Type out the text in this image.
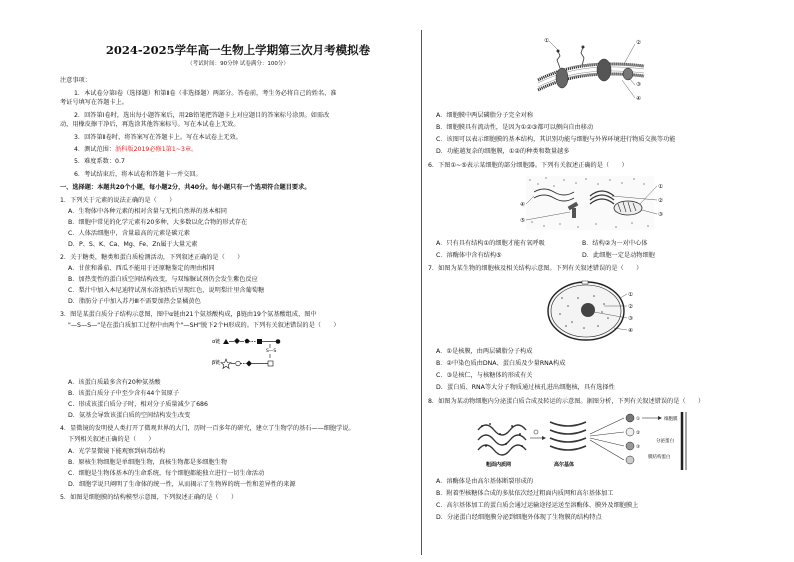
2024-2025学年高一生物上学期第三次月考模拟卷
（考试时间：90分钟 试卷满分：100分）
注意事项：
1．本试卷分第Ⅰ卷（选择题）和第Ⅱ卷（非选择题）两部分。答卷前，考生务必将自己的姓名、准
考证号填写在答题卡上。
2．回答第Ⅰ卷时，选出每小题答案后，用2B铅笔把答题卡上对应题目的答案标号涂黑。如需改
动，用橡皮擦干净后，再选涂其他答案标号。写在本试卷上无效。
3．回答第Ⅱ卷时，将答案写在答题卡上。写在本试卷上无效。
4．测试范围：浙科版2019必修1第1~3章。
5．难度系数：0.7
6．考试结束后，将本试卷和答题卡一并交回。
一、选择题：本题共20个小题，每小题2分，共40分。每小题只有一个选项符合题目要求。
1．下列关于元素的说法正确的是（　　）
A．生物体中各种元素的相对含量与无机自然界的基本相同
B．细胞中常见的化学元素有20多种，大多数以化合物的形式存在
C．人体活细胞中，含量最高的元素是碳元素
D．P、S、K、Ca、Mg、Fe、Zn属于大量元素
2．关于糖类，糖类和蛋白质检测活动，下列叙述正确的是（　　）
A．甘蔗和番茄、西瓜不能用于还原糖鉴定的理由相同
B．加热变性的蛋白质空间结构改变，与双缩脲试剂仍会发生紫色反应
C．梨汁中加入本尼迪特试剂水浴加热后呈现红色，说明梨汁里含葡萄糖
D．脂肪分子中加入苏丹Ⅲ不需要加热会显橘黄色
3．图是某蛋白质分子结构示意图，图中α链由21个氨基酸构成，β链由19个氨基酸组成，图中
"—S—S—"是在蛋白质加工过程中由两个"—SH"脱下2个H形成的。下列有关叙述错误的是（　　）
α链
S—S
β链
A．该蛋白质最多含有20种氨基酸
B．该蛋白质分子中至少含有44个氧原子
C．形成该蛋白质分子时，相对分子质量减少了686
D．氨基会导致该蛋白质的空间结构发生改变
4．显微镜的发明使人类打开了微观世界的大门，历时一百多年的研究，建立了生物学的基石——细胞学说。
下列相关叙述正确的是（　　）
A．光学显微镜下能观察到病毒结构
B．原核生物细胞是单细胞生物，真核生物都是多细胞生物
C．细胞是生物体基本的生命系统，每个细胞都能独立进行一切生命活动
D．细胞学说只阐明了生命体的统一性，从而揭示了生物界的统一性和差异性的来源
5．如图是细胞膜的结构模型示意图，下列叙述正确的是（　　）
①	②
③
④
A．细胞膜中两层磷脂分子完全对称
B．细胞膜具有流动性，是因为①②③都可以侧向自由移动
C．该图可以表示细胞膜的基本结构，其识别功能与细胞与外界环境进行物质交换等功能
D．功能越复杂的细胞膜，①②的种类和数量越多
6．下图①~⑤表示某细胞的部分细胞器。下列有关叙述正确的是（　　）
①
②
③
④
⑤
A．只有具有结构①的细胞才能有氧呼吸	B．结构②为一对中心体
C．溶酶体中含有结构⑤	D．此细胞一定是动物细胞
7．如图为某生物的细胞核及相关结构示意图。下列有关叙述错误的是（　　）
①
②
③
④
A．①是核膜，由两层磷脂分子构成
B．②中染色质由DNA、蛋白质及少量RNA构成
C．③是核仁，与核糖体的形成有关
D．蛋白质、RNA等大分子物质通过核孔进出细胞核，具有选择性
8．如图为某动物细胞内分泌蛋白质合成及转运的示意图。据图分析，下列有关叙述错误的是（　　）
粗面内质网	高尔基体
①
②
③
细胞膜
分泌蛋白
膜结构蛋白
A．溶酶体是由高尔基体断裂形成的
B．附着型核糖体合成的多肽依次经过粗面内质网和高尔基体加工
C．高尔基体加工的蛋白质会通过运输途径运送至溶酶体、膜外及细胞膜上
D．分泌蛋白经细胞膜分泌到细胞外体现了生物膜的结构特点
